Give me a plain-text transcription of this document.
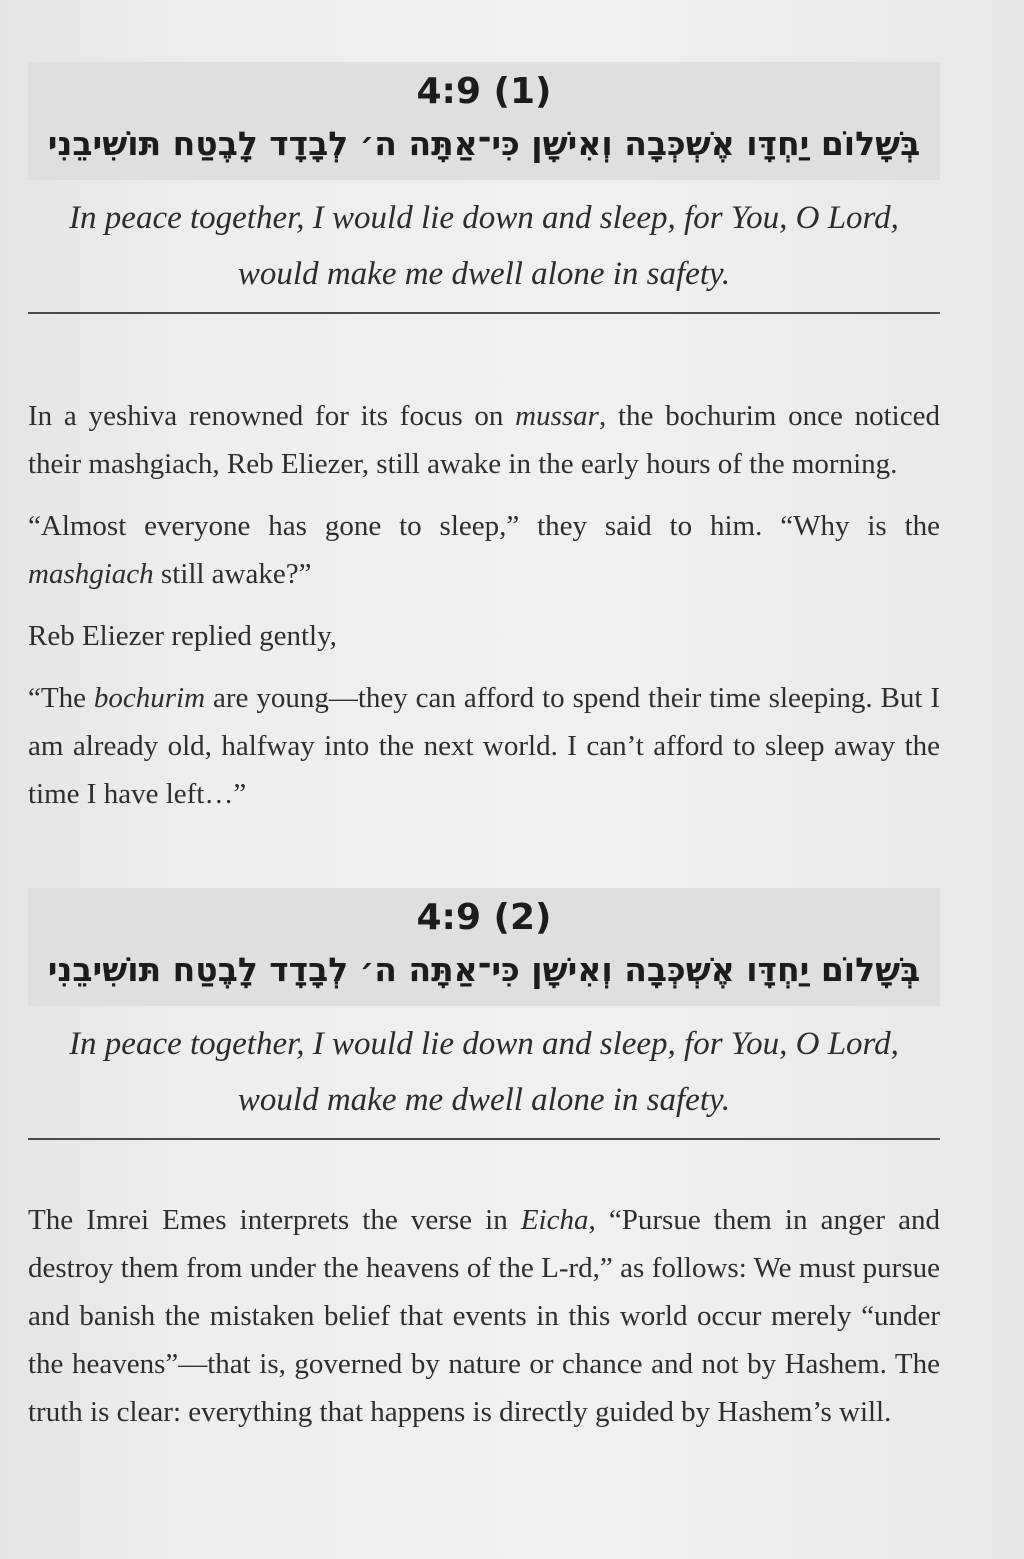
4:9 (1)
בְּשָׁלוֹם יַחְדָּו אֶשְׁכְּבָה וְאִישָׁן כִּי־אַתָּה ה׳ לְבָדָד לָבֶטַח תּוֹשִׁיבֵנִי
In peace together, I would lie down and sleep, for You, O Lord,
would make me dwell alone in safety.

In a yeshiva renowned for its focus on mussar, the bochurim once noticed their mashgiach, Reb Eliezer, still awake in the early hours of the morning.

“Almost everyone has gone to sleep,” they said to him. “Why is the mashgiach still awake?”

Reb Eliezer replied gently,

“The bochurim are young—they can afford to spend their time sleeping. But I am already old, halfway into the next world. I can’t afford to sleep away the time I have left…”

4:9 (2)
בְּשָׁלוֹם יַחְדָּו אֶשְׁכְּבָה וְאִישָׁן כִּי־אַתָּה ה׳ לְבָדָד לָבֶטַח תּוֹשִׁיבֵנִי
In peace together, I would lie down and sleep, for You, O Lord,
would make me dwell alone in safety.

The Imrei Emes interprets the verse in Eicha, “Pursue them in anger and destroy them from under the heavens of the L-rd,” as follows: We must pursue and banish the mistaken belief that events in this world occur merely “under the heavens”—that is, governed by nature or chance and not by Hashem. The truth is clear: everything that happens is directly guided by Hashem’s will.
